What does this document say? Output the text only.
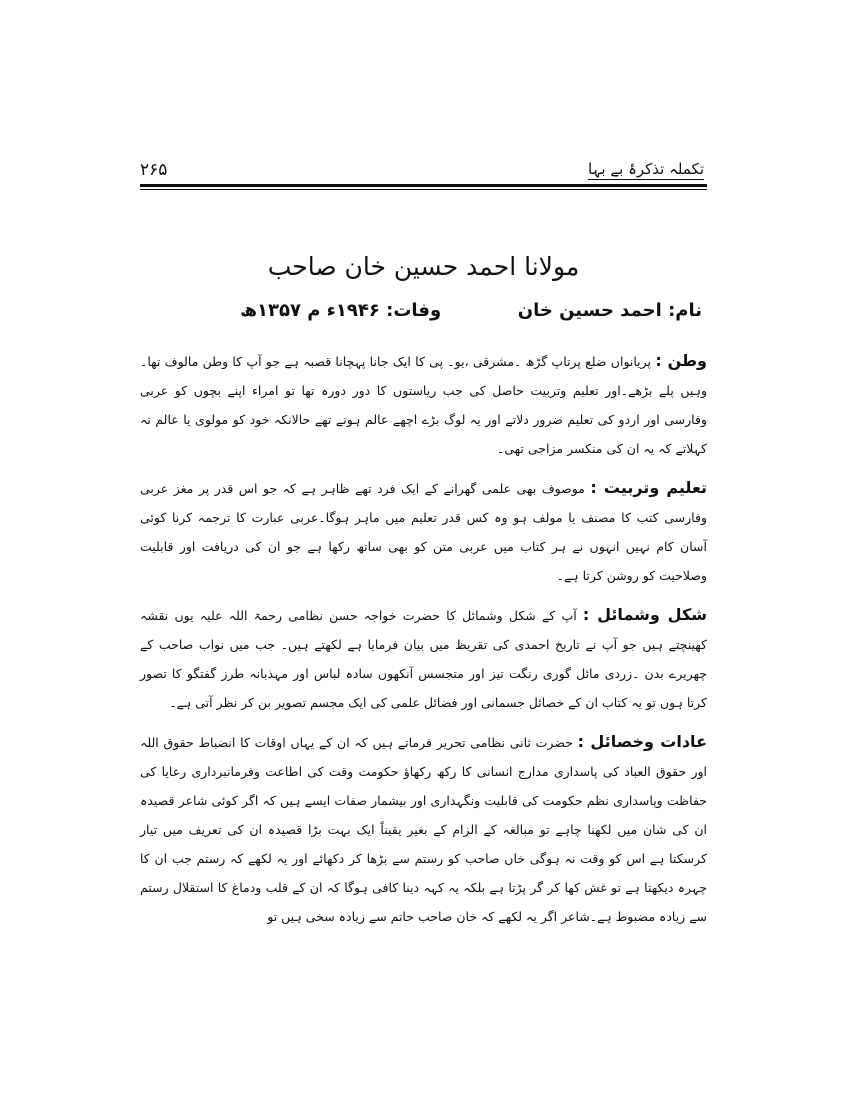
۲۶۵	تکملہ تذکرۂ بے بہا
مولانا احمد حسین خان صاحب
نام: احمد حسین خان  وفات: ۱۹۴۶ء م ۱۳۵۷ھ

وطن : پریانواں ضلع پرتاپ گڑھ ۔مشرقی ،یو۔ پی کا ایک جانا پہچانا قصبہ ہے جو آپ کا وطن مالوف تھا۔ وہیں پلے بڑھے۔اور تعلیم وتربیت حاصل کی جب ریاستوں کا دور دورہ تھا تو امراء اپنے بچوں کو عربی وفارسی اور اردو کی تعلیم ضرور دلاتے اور یہ لوگ بڑے اچھے عالم ہوتے تھے حالانکہ خود کو مولوی یا عالم نہ کہلاتے کہ یہ ان کی منکسر مزاجی تھی۔

تعلیم وتربیت : موصوف بھی علمی گھرانے کے ایک فرد تھے ظاہر ہے کہ جو اس قدر پر مغز عربی وفارسی کتب کا مصنف یا مولف ہو وہ کس قدر تعلیم میں ماہر ہوگا۔عربی عبارت کا ترجمہ کرنا کوئی آسان کام نہیں انہوں نے ہر کتاب میں عربی متن کو بھی ساتھ رکھا ہے جو ان کی دریافت اور قابلیت وصلاحیت کو روشن کرتا ہے۔

شکل وشمائل : آپ کے شکل وشمائل کا حضرت خواجہ حسن نظامی رحمۃ اللہ علیہ یوں نقشہ کھینچتے ہیں جو آپ نے تاریخ احمدی کی تقریظ میں بیان فرمایا ہے لکھتے ہیں۔ جب میں نواب صاحب کے چھریرے بدن ۔زردی مائل گوری رنگت تیز اور متجسس آنکھوں سادہ لباس اور مہذبانہ طرز گفتگو کا تصور کرتا ہوں تو یہ کتاب ان کے خصائل جسمانی اور فضائل علمی کی ایک مجسم تصویر بن کر نظر آتی ہے۔

عادات وخصائل : حضرت ثانی نظامی تحریر فرماتے ہیں کہ ان کے یہاں اوقات کا انضباط حقوق اللہ اور حقوق العباد کی پاسداری مدارج انسانی کا رکھ رکھاؤ حکومت وقت کی اطاعت وفرمانبرداری رعایا کی حفاظت وپاسداری نظم حکومت کی قابلیت ونگہداری اور بیشمار صفات ایسے ہیں کہ اگر کوئی شاعر قصیدہ ان کی شان میں لکھنا چاہے تو مبالغہ کے الزام کے بغیر یقیناً ایک بہت بڑا قصیدہ ان کی تعریف میں تیار کرسکتا ہے اس کو وقت نہ ہوگی خاں صاحب کو رستم سے بڑھا کر دکھائے اور یہ لکھے کہ رستم جب ان کا چہرہ دیکھتا ہے تو غش کھا کر گر پڑتا ہے بلکہ یہ کہہ دینا کافی ہوگا کہ ان کے قلب ودماغ کا استقلال رستم سے زیادہ مضبوط ہے۔شاعر اگر یہ لکھے کہ خان صاحب حاتم سے زیادہ سخی ہیں تو
